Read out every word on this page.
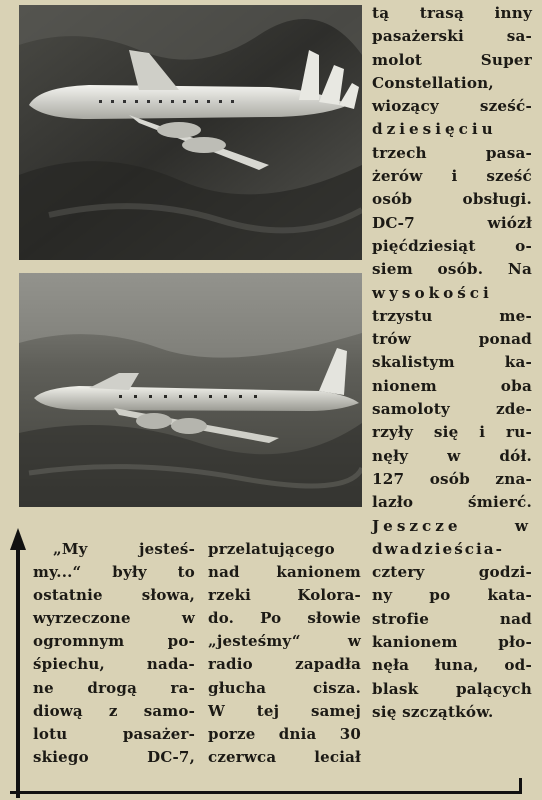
tą trasą inny
pasażerski sa-
molot Super
Constellation,
wiozący sześć-
dziesięciu
trzech pasa-
żerów i sześć
osób obsługi.
DC-7 wiózł
pięćdziesiąt o-
siem osób. Na
wysokości
trzystu me-
trów ponad
skalistym ka-
nionem oba
samoloty zde-
rzyły się i ru-
nęły w dół.
127 osób zna-
lazło śmierć.
Jeszcze w
dwadzieścia-
cztery godzi-
ny po kata-
strofie nad
kanionem pło-
nęła łuna, od-
blask palących
się szczątków.
„My jesteś-
my...“ były to
ostatnie słowa,
wyrzeczone w
ogromnym po-
śpiechu, nada-
ne drogą ra-
diową z samo-
lotu pasażer-
skiego DC-7,
przelatującego
nad kanionem
rzeki Kolora-
do. Po słowie
„jesteśmy“ w
radio zapadła
głucha cisza.
W tej samej
porze dnia 30
czerwca leciał
